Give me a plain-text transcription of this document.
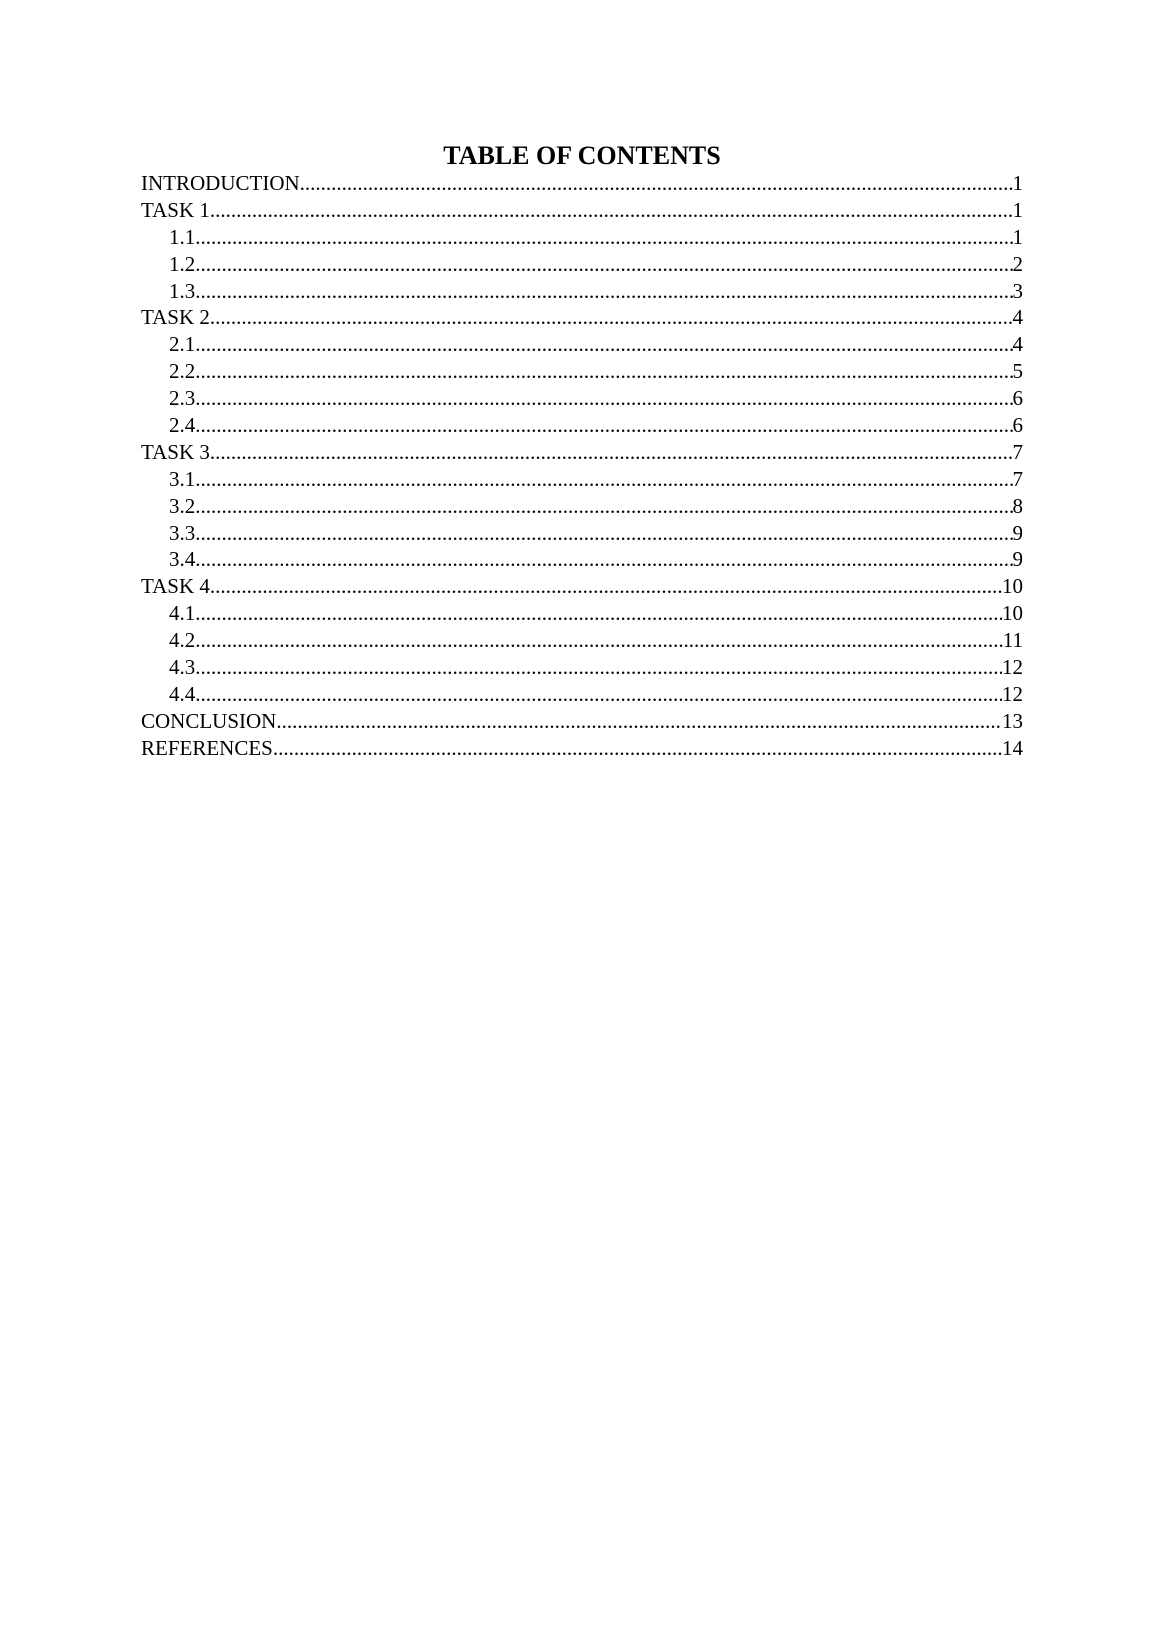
TABLE OF CONTENTS
INTRODUCTION .....	1
TASK 1 .....	1
1.1 .....	1
1.2 .....	2
1.3 .....	3
TASK 2 .....	4
2.1 .....	4
2.2 .....	5
2.3 .....	6
2.4 .....	6
TASK 3 .....	7
3.1 .....	7
3.2 .....	8
3.3 .....	9
3.4 .....	9
TASK 4 .....	10
4.1 .....	10
4.2 .....	11
4.3 .....	12
4.4 .....	12
CONCLUSION .....	13
REFERENCES .....	14
